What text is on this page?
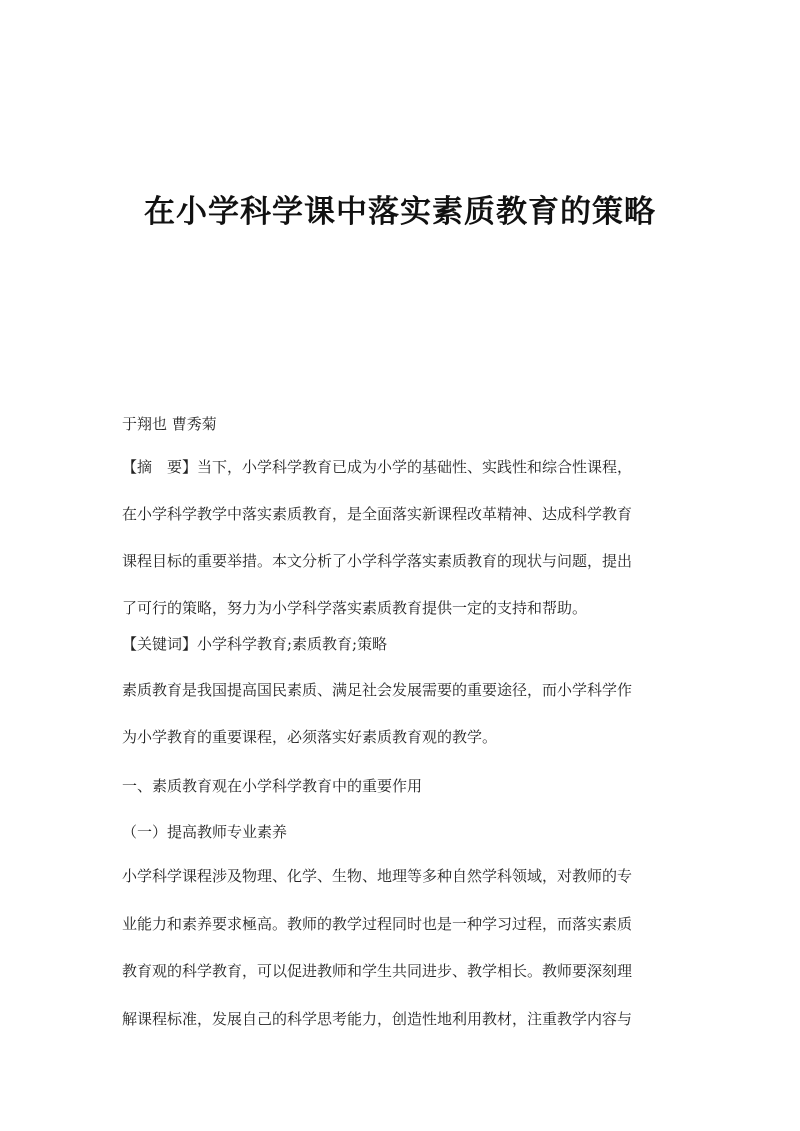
在小学科学课中落实素质教育的策略

于翔也 曹秀菊

【摘　要】当下，小学科学教育已成为小学的基础性、实践性和综合性课程，
在小学科学教学中落实素质教育，是全面落实新课程改革精神、达成科学教育
课程目标的重要举措。本文分析了小学科学落实素质教育的现状与问题，提出
了可行的策略，努力为小学科学落实素质教育提供一定的支持和帮助。

【关键词】小学科学教育;素质教育;策略

素质教育是我国提高国民素质、满足社会发展需要的重要途径，而小学科学作
为小学教育的重要课程，必须落实好素质教育观的教学。

一、素质教育观在小学科学教育中的重要作用

（一）提高教师专业素养

小学科学课程涉及物理、化学、生物、地理等多种自然学科领域，对教师的专
业能力和素养要求極高。教师的教学过程同时也是一种学习过程，而落实素质
教育观的科学教育，可以促进教师和学生共同进步、教学相长。教师要深刻理
解课程标准，发展自己的科学思考能力，创造性地利用教材，注重教学内容与
